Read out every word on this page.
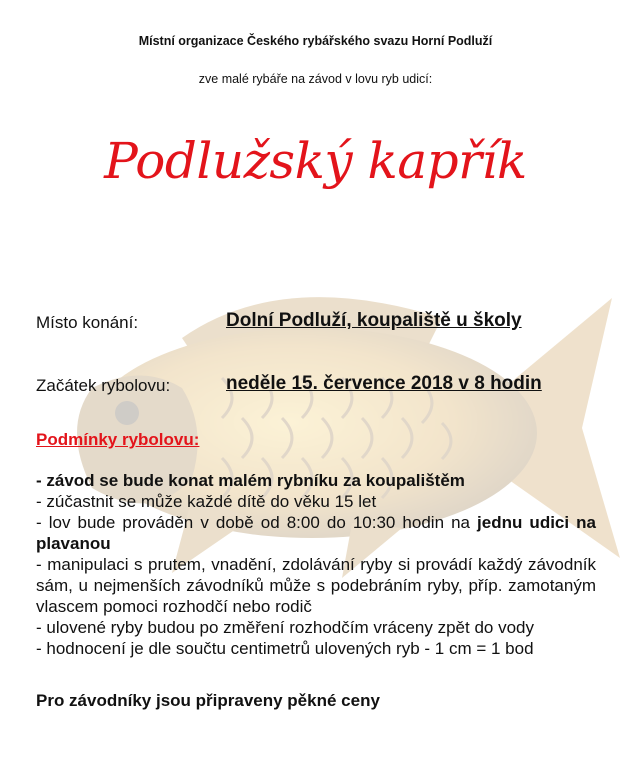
Místní organizace Českého rybářského svazu Horní Podluží
zve malé rybáře na závod v lovu ryb udicí:
Podlužský kapřík
Místo konání:	Dolní Podluží, koupaliště u školy
Začátek rybolovu:	neděle 15. července 2018 v 8 hodin
Podmínky rybolovu:
- závod se bude konat malém rybníku za koupalištěm
- zúčastnit se může každé dítě do věku 15 let
- lov bude prováděn v době od 8:00 do 10:30 hodin na jednu udici na plavanou
- manipulaci s prutem, vnadění, zdolávání ryby si provádí každý závodník sám, u nejmenších závodníků může s podebráním ryby, příp. zamotaným vlascem pomoci rozhodčí nebo rodič
- ulovené ryby budou po změření rozhodčím vráceny zpět do vody
- hodnocení je dle součtu centimetrů ulovených ryb - 1 cm = 1 bod
Pro závodníky jsou připraveny pěkné ceny
